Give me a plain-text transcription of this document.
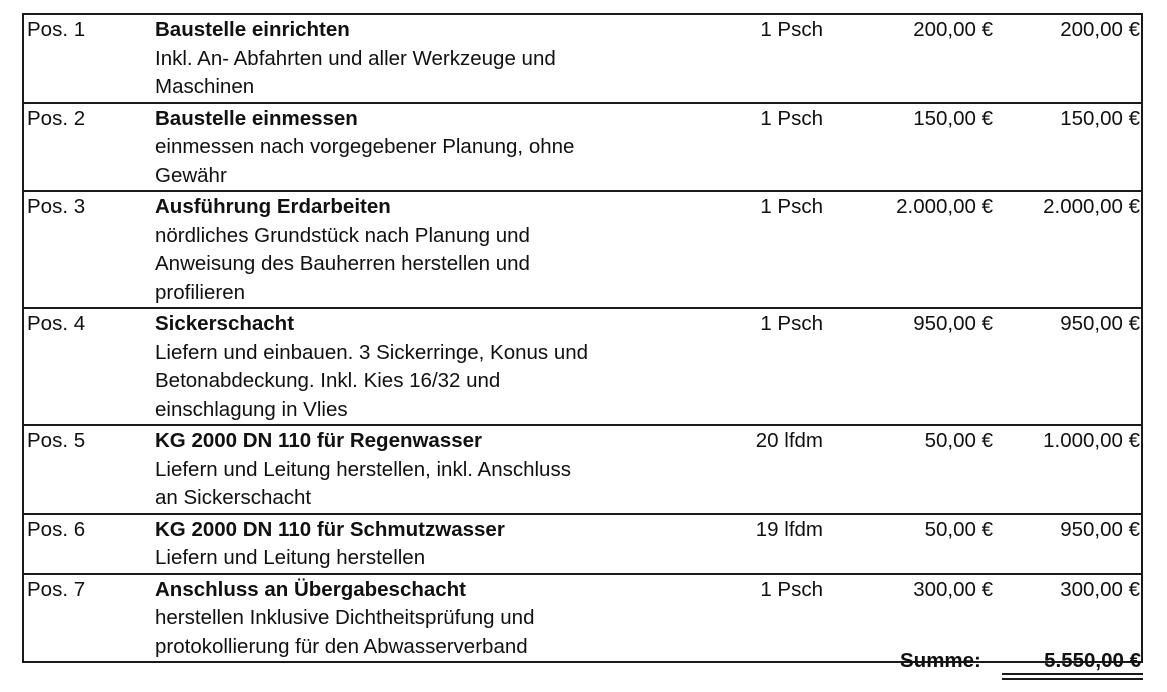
Pos. 1	Baustelle einrichten
Inkl. An- Abfahrten und aller Werkzeuge und
Maschinen
1 Psch	200,00 €	200,00 €
Pos. 2	Baustelle einmessen
einmessen nach vorgegebener Planung, ohne
Gewähr
1 Psch	150,00 €	150,00 €
Pos. 3	Ausführung Erdarbeiten
nördliches Grundstück nach Planung und
Anweisung des Bauherren herstellen und
profilieren
1 Psch	2.000,00 € 2.000,00 €
Pos. 4	Sickerschacht
Liefern und einbauen. 3 Sickerringe, Konus und
Betonabdeckung. Inkl. Kies 16/32 und
einschlagung in Vlies
1 Psch	950,00 €	950,00 €
Pos. 5	KG 2000 DN 110 für Regenwasser
Liefern und Leitung herstellen, inkl. Anschluss
an Sickerschacht
20 lfdm	50,00 € 1.000,00 €
Pos. 6	KG 2000 DN 110 für Schmutzwasser
Liefern und Leitung herstellen
19 lfdm	50,00 €	950,00 €
Pos. 7	Anschluss an Übergabeschacht
herstellen Inklusive Dichtheitsprüfung und
protokollierung für den Abwasserverband
1 Psch	300,00 €	300,00 €
Summe:	5.550,00 €
